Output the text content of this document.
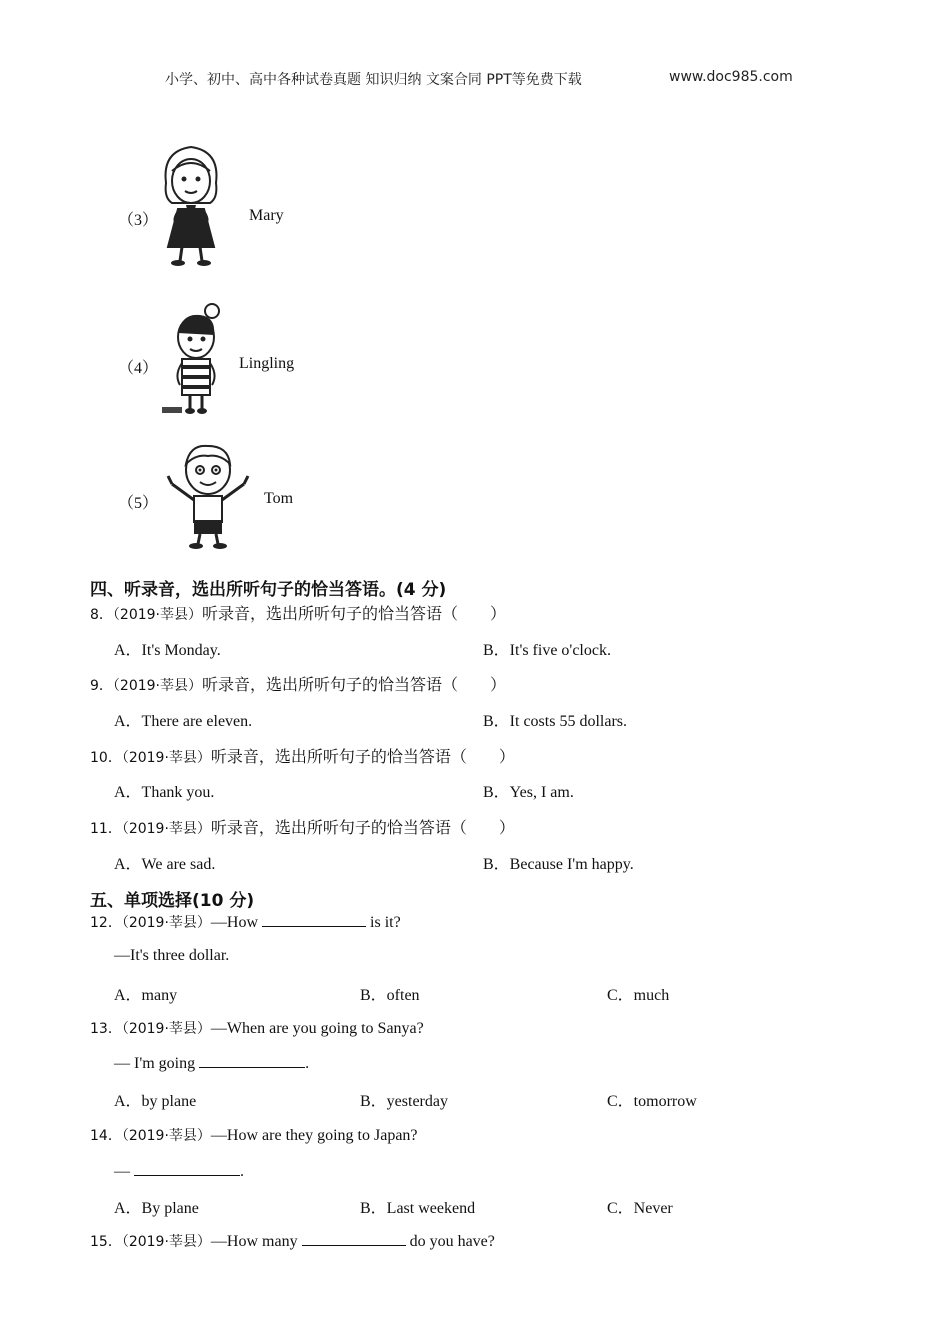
小学、初中、高中各种试卷真题 知识归纳 文案合同 PPT等免费下载	www.doc985.com
（3）	Mary
（4）	Lingling
（5）	Tom
四、听录音，选出所听句子的恰当答语。(4 分)
8．（2019·莘县）听录音，选出所听句子的恰当答语（　　）
A．It's Monday.	B．It's five o'clock.
9．（2019·莘县）听录音，选出所听句子的恰当答语（　　）
A．There are eleven.	B．It costs 55 dollars.
10．（2019·莘县）听录音，选出所听句子的恰当答语（　　）
A．Thank you.	B．Yes, I am.
11．（2019·莘县）听录音，选出所听句子的恰当答语（　　）
A．We are sad.	B．Because I'm happy.
五、单项选择(10 分)
12．（2019·莘县）—How	is it?
—It's three dollar.
A．many	B．often	C．much
13．（2019·莘县）—When are you going to Sanya?
— I'm going	.
A．by plane	B．yesterday	C．tomorrow
14．（2019·莘县）—How are they going to Japan?
—	.
A．By plane	B．Last weekend	C．Never
15．（2019·莘县）—How many	do you have?
